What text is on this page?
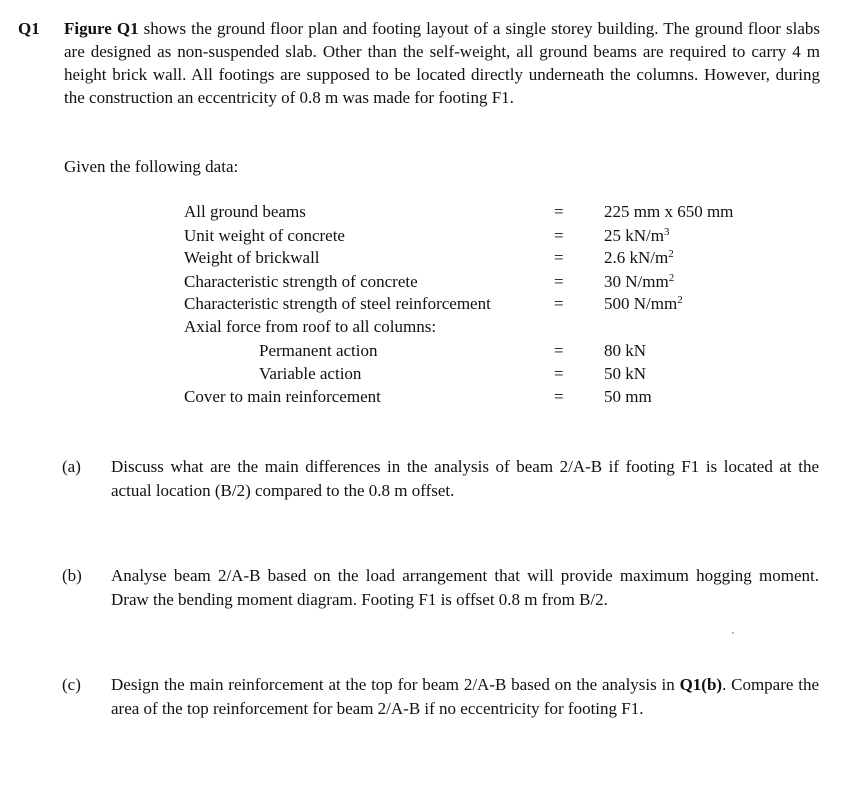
Q1 Figure Q1 shows the ground floor plan and footing layout of a single storey building. The ground floor slabs are designed as non-suspended slab. Other than the self-weight, all ground beams are required to carry 4 m height brick wall. All footings are supposed to be located directly underneath the columns. However, during the construction an eccentricity of 0.8 m was made for footing F1.
Given the following data:
All ground beams	= 225 mm x 650 mm
Unit weight of concrete	= 25 $kN/m^3$
Weight of brickwall	= 2.6 $kN/m^2$
Characteristic strength of concrete	= 30 $N/mm^2$
Characteristic strength of steel reinforcement	= 500 $N/mm^2$
Axial force from roof to all columns:
Permanent action	= 80 kN
Variable action	= 50 kN
Cover to main reinforcement	= 50 mm
(a) Discuss what are the main differences in the analysis of beam 2/A-B if footing F1 is located at the actual location (B/2) compared to the 0.8 m offset.
(b) Analyse beam 2/A-B based on the load arrangement that will provide maximum hogging moment. Draw the bending moment diagram. Footing F1 is offset 0.8 m from B/2.
(c) Design the main reinforcement at the top for beam 2/A-B based on the analysis in Q1(b). Compare the area of the top reinforcement for beam 2/A-B if no eccentricity for footing F1.
